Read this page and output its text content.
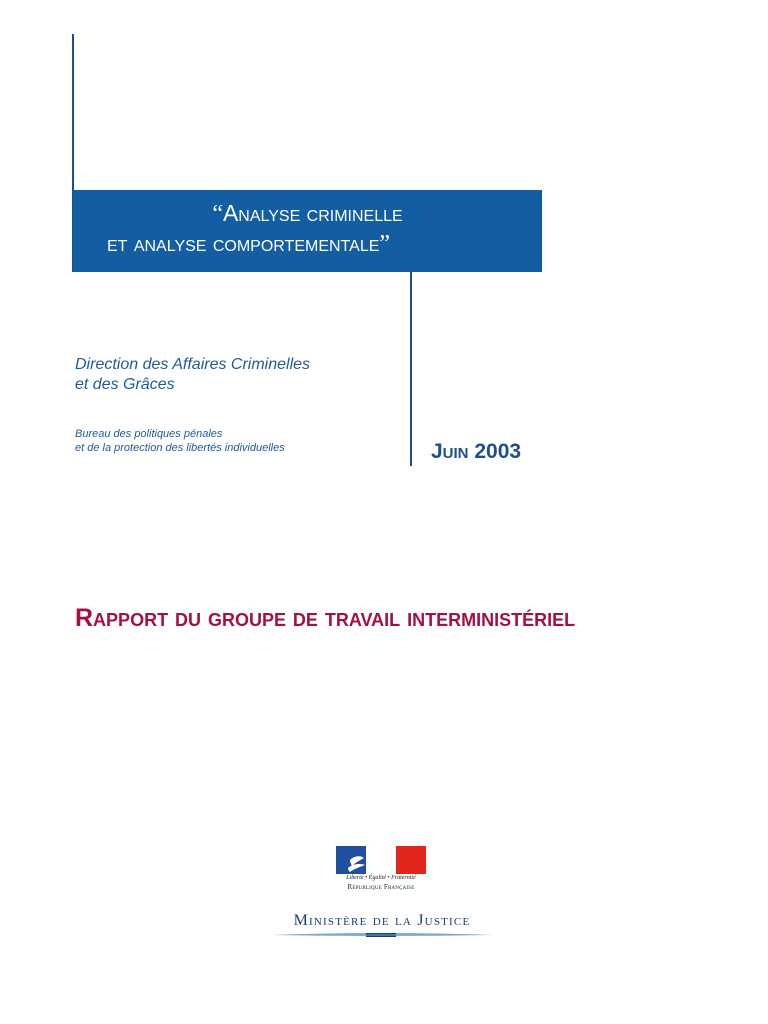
“Analyse criminelle
et analyse comportementale”
Direction des Affaires Criminelles
et des Grâces
Bureau des politiques pénales
et de la protection des libertés individuelles	Juin 2003
Rapport du groupe de travail interministériel
Liberté • Égalité • Fraternité
République Française
Ministère de la Justice
